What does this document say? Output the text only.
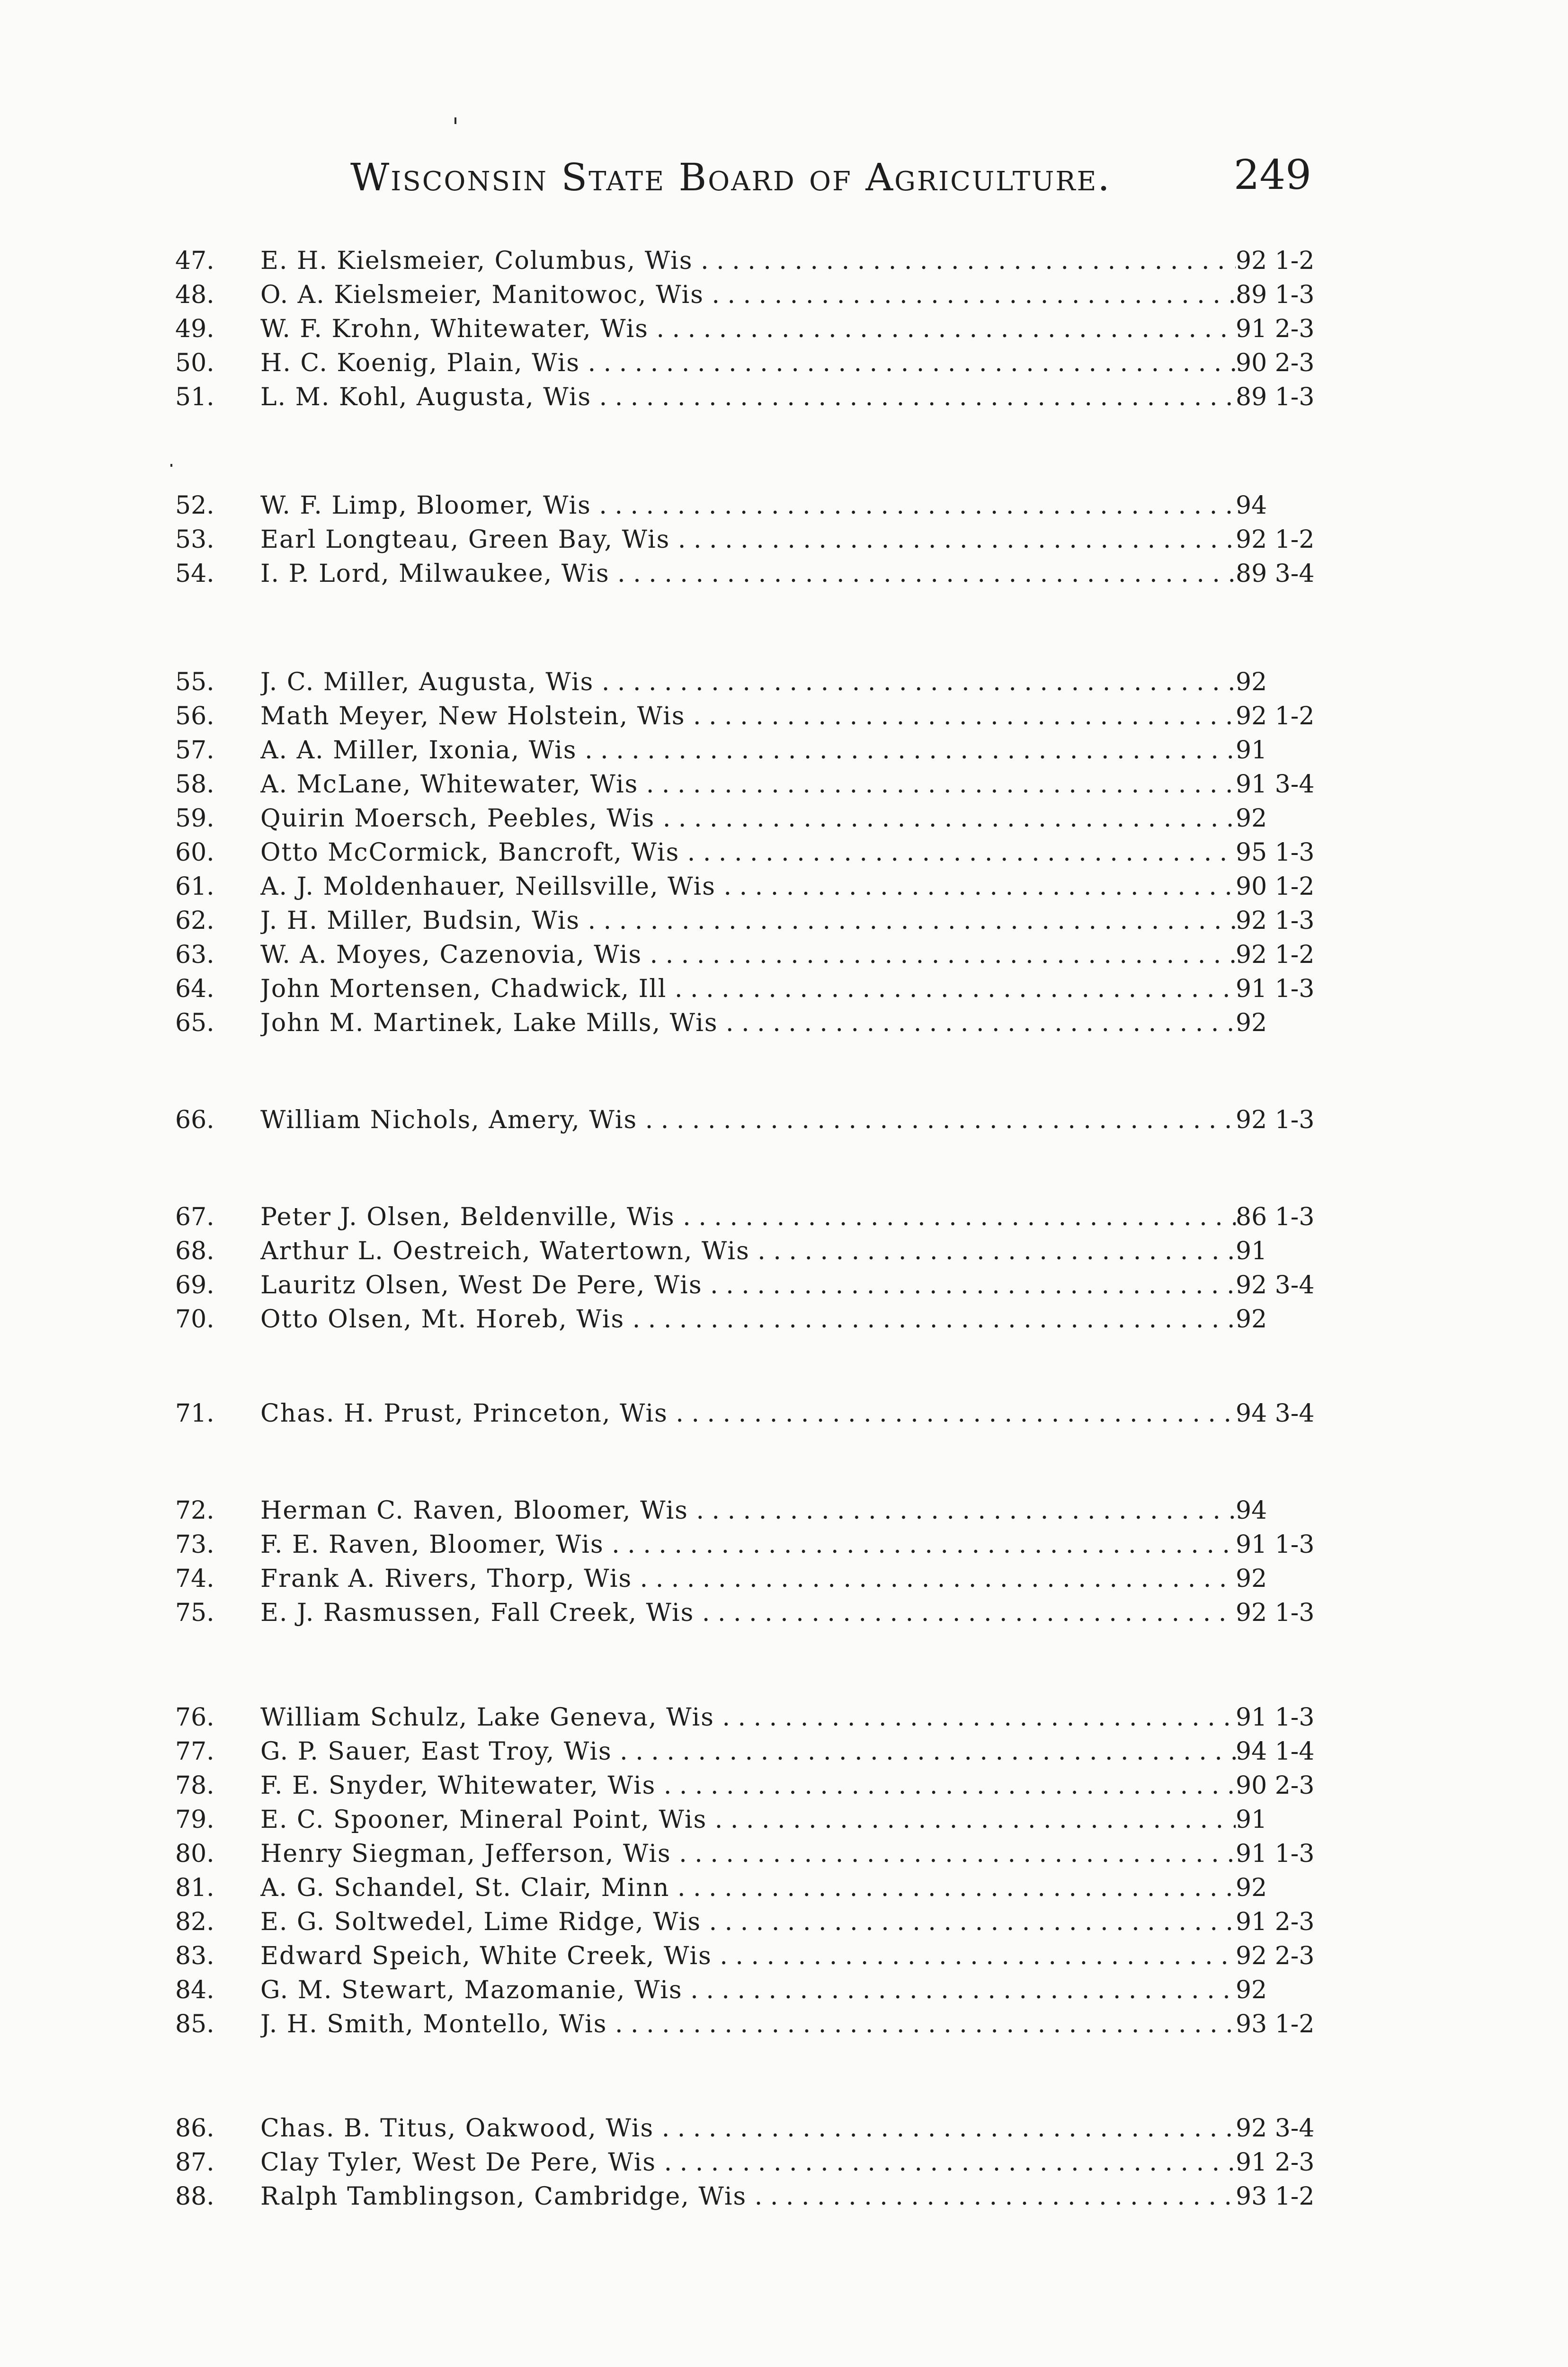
Wisconsin State Board of Agriculture.	249
47.	E. H. Kielsmeier, Columbus, Wis . . .	92 1-2
48.	O. A. Kielsmeier, Manitowoc, Wis . . .	89 1-3
49.	W. F. Krohn, Whitewater, Wis . . .	91 2-3
50.	H. C. Koenig, Plain, Wis . . .	90 2-3
51.	L. M. Kohl, Augusta, Wis . . .	89 1-3
52.	W. F. Limp, Bloomer, Wis . . .	94
53.	Earl Longteau, Green Bay, Wis . . .	92 1-2
54.	I. P. Lord, Milwaukee, Wis . . .	89 3-4
55.	J. C. Miller, Augusta, Wis . . .	92
56.	Math Meyer, New Holstein, Wis . . .	92 1-2
57.	A. A. Miller, Ixonia, Wis . . .	91
58.	A. McLane, Whitewater, Wis . . .	91 3-4
59.	Quirin Moersch, Peebles, Wis . . .	92
60.	Otto McCormick, Bancroft, Wis . . .	95 1-3
61.	A. J. Moldenhauer, Neillsville, Wis . . .	90 1-2
62.	J. H. Miller, Budsin, Wis . . .	92 1-3
63.	W. A. Moyes, Cazenovia, Wis . . .	92 1-2
64.	John Mortensen, Chadwick, Ill . . .	91 1-3
65.	John M. Martinek, Lake Mills, Wis . . .	92
66.	William Nichols, Amery, Wis . . .	92 1-3
67.	Peter J. Olsen, Beldenville, Wis . . .	86 1-3
68.	Arthur L. Oestreich, Watertown, Wis . . .	91
69.	Lauritz Olsen, West De Pere, Wis . . .	92 3-4
70.	Otto Olsen, Mt. Horeb, Wis . . .	92
71.	Chas. H. Prust, Princeton, Wis . . .	94 3-4
72.	Herman C. Raven, Bloomer, Wis . . .	94
73.	F. E. Raven, Bloomer, Wis . . .	91 1-3
74.	Frank A. Rivers, Thorp, Wis . . .	92
75.	E. J. Rasmussen, Fall Creek, Wis . . .	92 1-3
76.	William Schulz, Lake Geneva, Wis . . .	91 1-3
77.	G. P. Sauer, East Troy, Wis . . .	94 1-4
78.	F. E. Snyder, Whitewater, Wis . . .	90 2-3
79.	E. C. Spooner, Mineral Point, Wis . . .	91
80.	Henry Siegman, Jefferson, Wis . . .	91 1-3
81.	A. G. Schandel, St. Clair, Minn . . .	92
82.	E. G. Soltwedel, Lime Ridge, Wis . . .	91 2-3
83.	Edward Speich, White Creek, Wis . . .	92 2-3
84.	G. M. Stewart, Mazomanie, Wis . . .	92
85.	J. H. Smith, Montello, Wis . . .	93 1-2
86.	Chas. B. Titus, Oakwood, Wis . . .	92 3-4
87.	Clay Tyler, West De Pere, Wis . . .	91 2-3
88.	Ralph Tamblingson, Cambridge, Wis . . .	93 1-2
